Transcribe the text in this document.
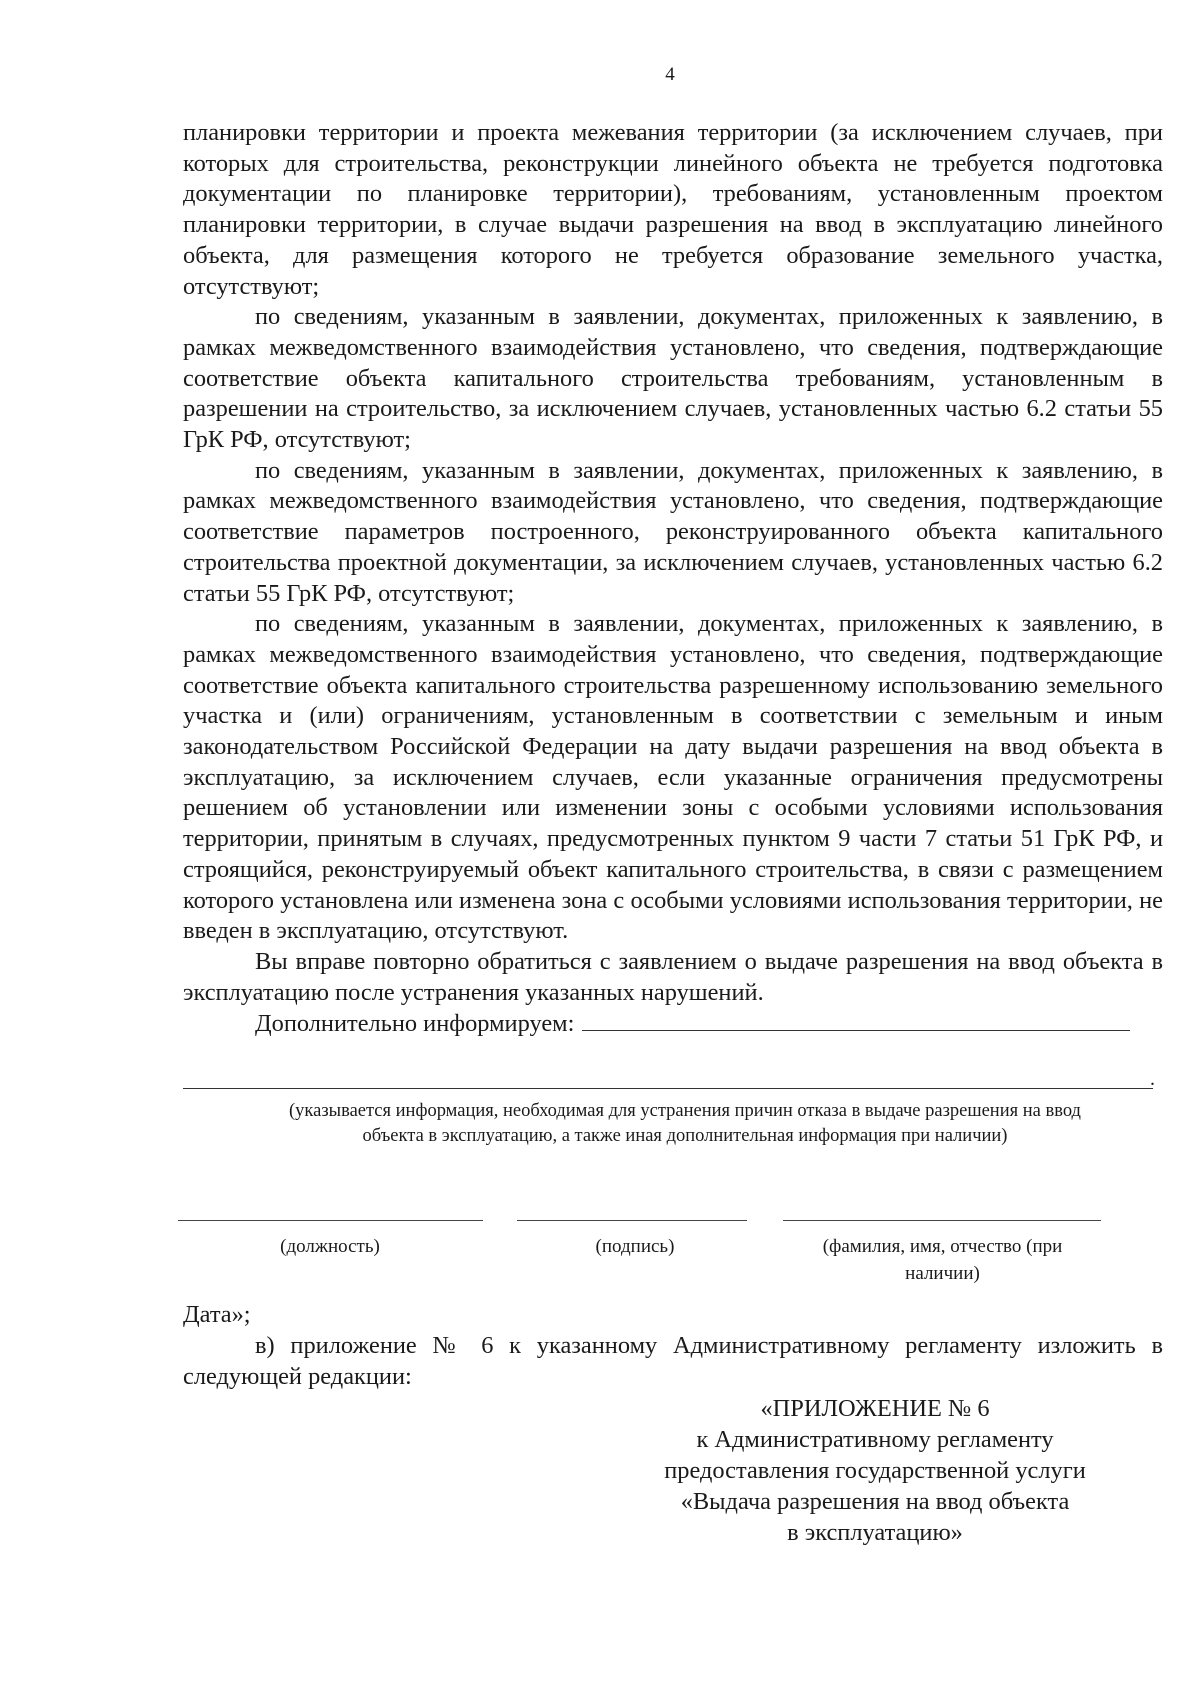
4

планировки территории и проекта межевания территории (за исключением случаев, при которых для строительства, реконструкции линейного объекта не требуется подготовка документации по планировке территории), требованиям, установленным проектом планировки территории, в случае выдачи разрешения на ввод в эксплуатацию линейного объекта, для размещения которого не требуется образование земельного участка, отсутствуют;

по сведениям, указанным в заявлении, документах, приложенных к заявлению, в рамках межведомственного взаимодействия установлено, что сведения, подтверждающие соответствие объекта капитального строительства требованиям, установленным в разрешении на строительство, за исключением случаев, установленных частью 6.2 статьи 55 ГрК РФ, отсутствуют;

по сведениям, указанным в заявлении, документах, приложенных к заявлению, в рамках межведомственного взаимодействия установлено, что сведения, подтверждающие соответствие параметров построенного, реконструированного объекта капитального строительства проектной документации, за исключением случаев, установленных частью 6.2 статьи 55 ГрК РФ, отсутствуют;

по сведениям, указанным в заявлении, документах, приложенных к заявлению, в рамках межведомственного взаимодействия установлено, что сведения, подтверждающие соответствие объекта капитального строительства разрешенному использованию земельного участка и (или) ограничениям, установленным в соответствии с земельным и иным законодательством Российской Федерации на дату выдачи разрешения на ввод объекта в эксплуатацию, за исключением случаев, если указанные ограничения предусмотрены решением об установлении или изменении зоны с особыми условиями использования территории, принятым в случаях, предусмотренных пунктом 9 части 7 статьи 51 ГрК РФ, и строящийся, реконструируемый объект капитального строительства, в связи с размещением которого установлена или изменена зона с особыми условиями использования территории, не введен в эксплуатацию, отсутствуют.

Вы вправе повторно обратиться с заявлением о выдаче разрешения на ввод объекта в эксплуатацию после устранения указанных нарушений.

Дополнительно информируем:

.
(указывается информация, необходимая для устранения причин отказа в выдаче разрешения на ввод объекта в эксплуатацию, а также иная дополнительная информация при наличии)
(должность)	(подпись)	(фамилия, имя, отчество (при наличии)

Дата»;

в) приложение № 6 к указанному Административному регламенту изложить в следующей редакции:

«ПРИЛОЖЕНИЕ № 6
к Административному регламенту
предоставления государственной услуги
«Выдача разрешения на ввод объекта
в эксплуатацию»
